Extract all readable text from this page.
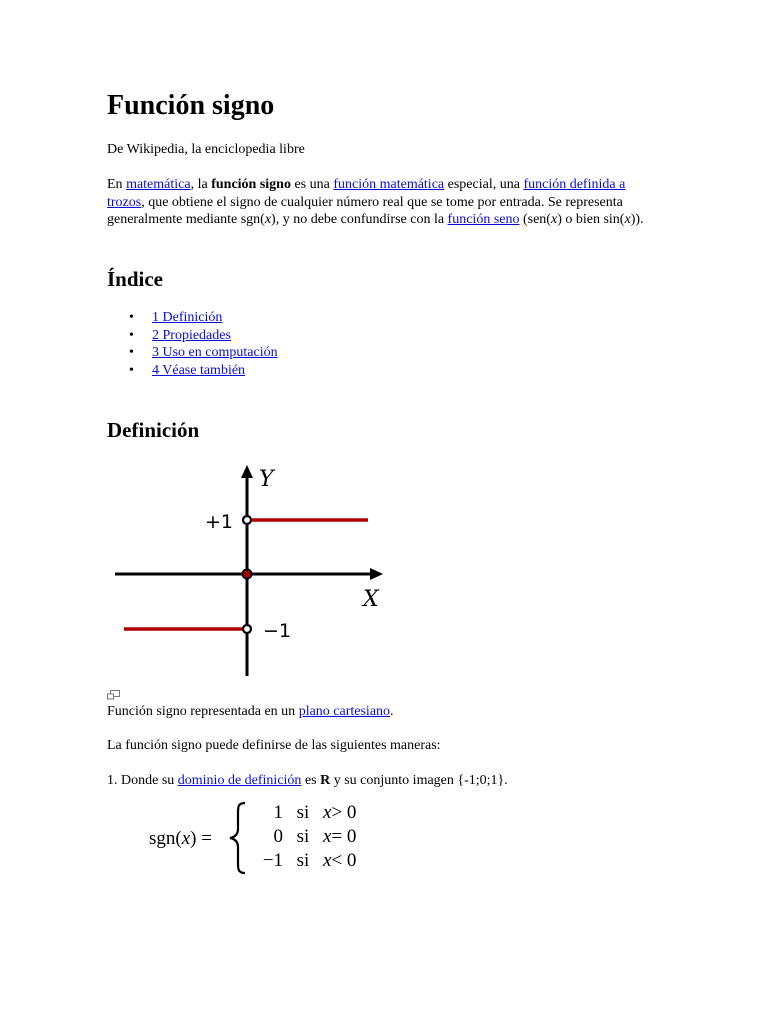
Función signo

De Wikipedia, la enciclopedia libre

En matemática, la función signo es una función matemática especial, una función definida a trozos, que obtiene el signo de cualquier número real que se tome por entrada. Se representa generalmente mediante sgn(x), y no debe confundirse con la función seno (sen(x) o bien sin(x)).

Índice
• 1 Definición
• 2 Propiedades
• 3 Uso en computación
• 4 Véase también
Definición
Y
X
+1
−1

Función signo representada en un plano cartesiano.

La función signo puede definirse de las siguientes maneras:

1. Donde su dominio de definición es R y su conjunto imagen {-1;0;1}.

sgn(x) =
1 si x> 0
0 si x= 0
−1 si x< 0
